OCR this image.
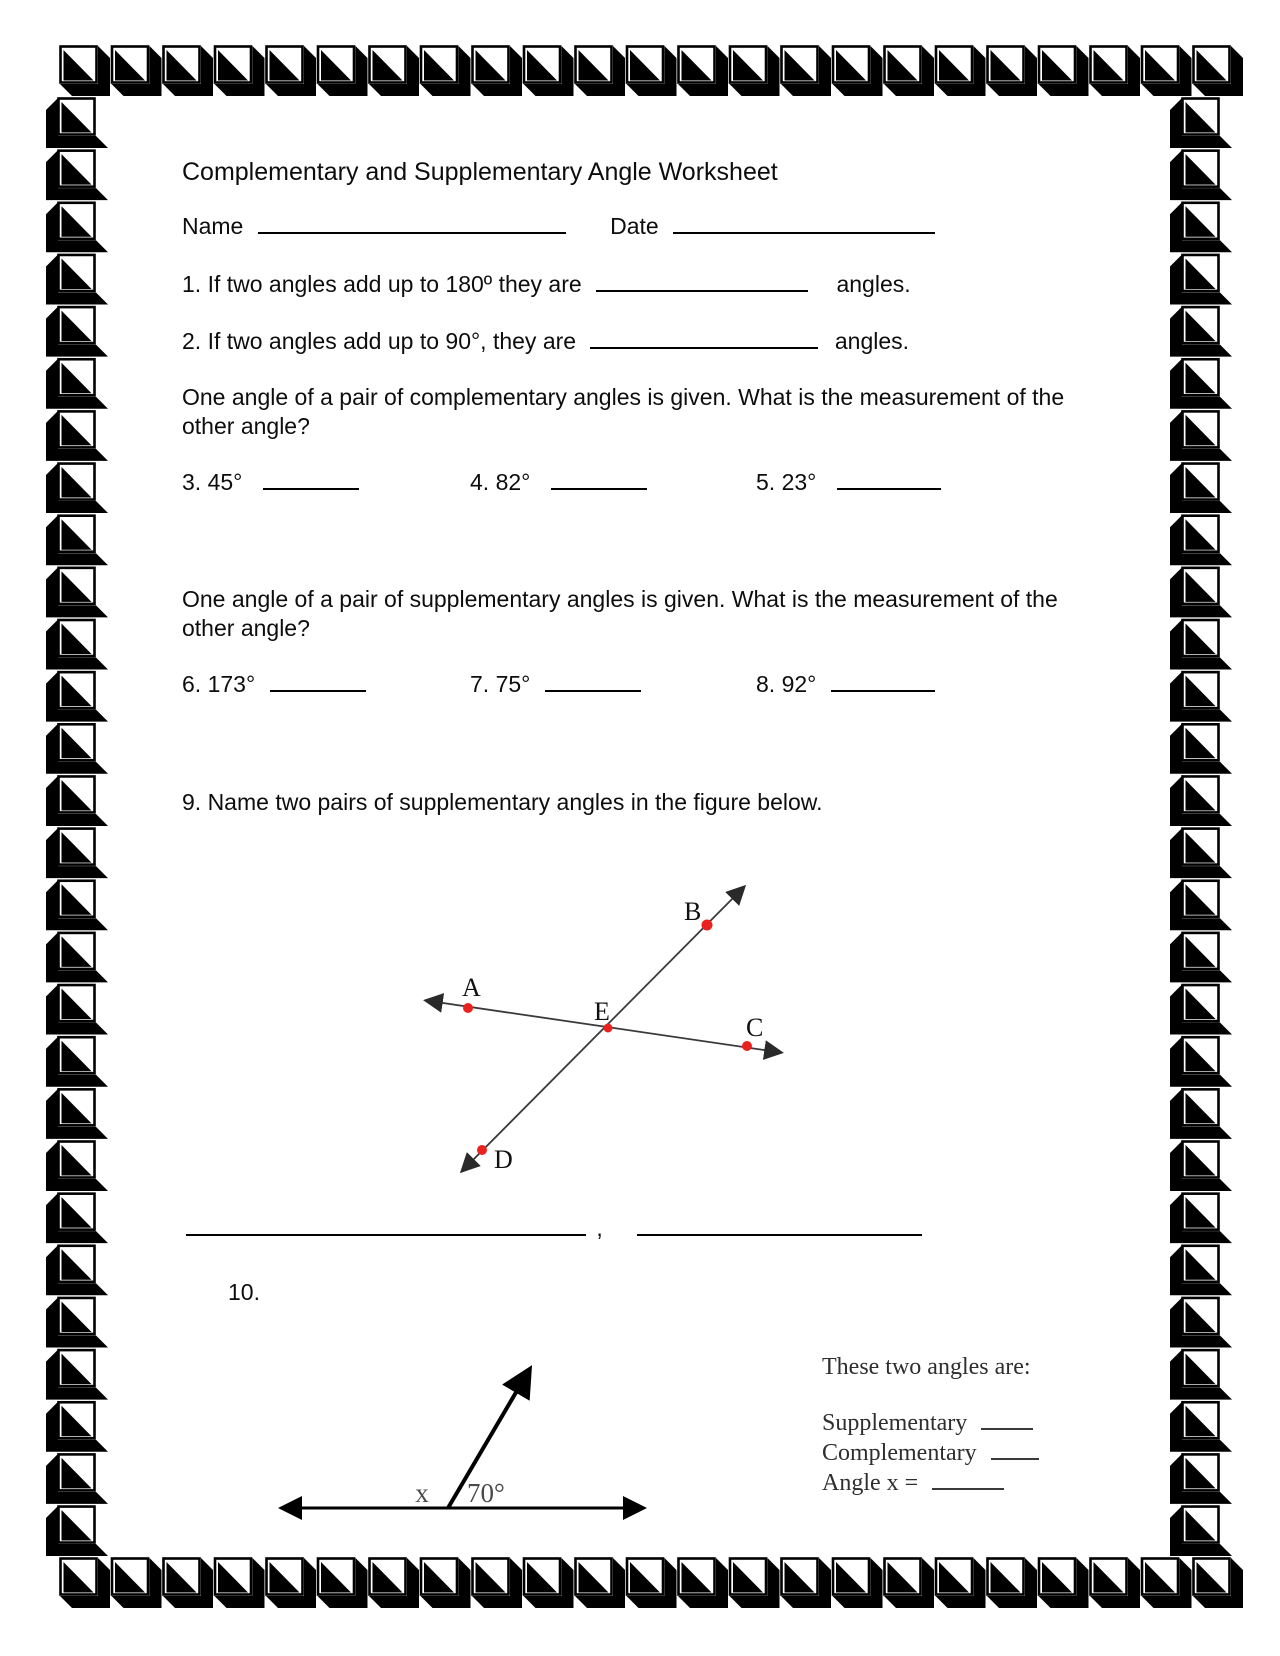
Complementary and Supplementary Angle Worksheet
Name	Date
1. If two angles add up to 180º they are	angles.
2. If two angles add up to 90°, they are	angles.
One angle of a pair of complementary angles is given. What is the measurement of the other angle?
3. 45°	4. 82°	5. 23°
One angle of a pair of supplementary angles is given. What is the measurement of the other angle?
6. 173°	7. 75°	8. 92°
9. Name two pairs of supplementary angles in the figure below.
A
B
C
D
E
,
10.
x 70°
These two angles are:
Supplementary
Complementary
Angle x =
